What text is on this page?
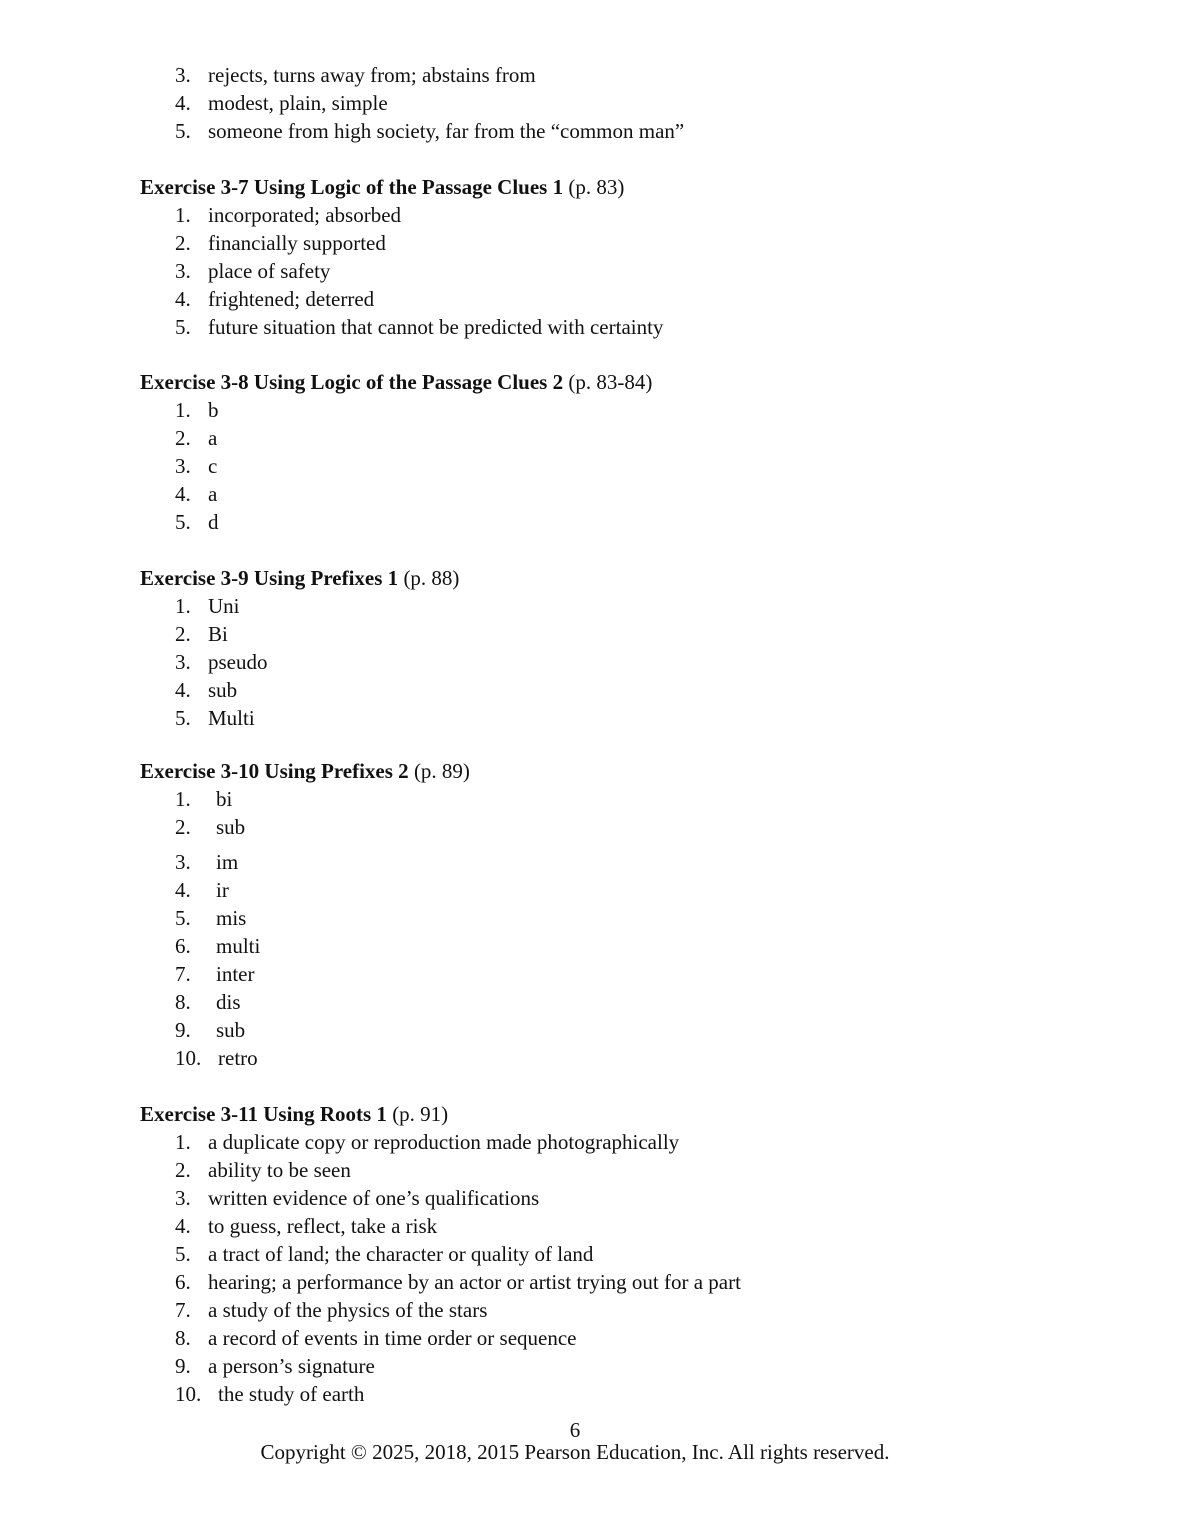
3. rejects, turns away from; abstains from
4. modest, plain, simple
5. someone from high society, far from the “common man”
Exercise 3-7 Using Logic of the Passage Clues 1 (p. 83)
1. incorporated; absorbed
2. financially supported
3. place of safety
4. frightened; deterred
5. future situation that cannot be predicted with certainty
Exercise 3-8 Using Logic of the Passage Clues 2 (p. 83-84)
1. b
2. a
3. c
4. a
5. d
Exercise 3-9 Using Prefixes 1 (p. 88)
1. Uni
2. Bi
3. pseudo
4. sub
5. Multi
Exercise 3-10 Using Prefixes 2 (p. 89)
1.	bi
2.	sub
3.	im
4.	ir
5.	mis
6.	multi
7.	inter
8.	dis
9.	sub
10. retro
Exercise 3-11 Using Roots 1 (p. 91)
1. a duplicate copy or reproduction made photographically
2. ability to be seen
3. written evidence of one’s qualifications
4. to guess, reflect, take a risk
5. a tract of land; the character or quality of land
6. hearing; a performance by an actor or artist trying out for a part
7. a study of the physics of the stars
8. a record of events in time order or sequence
9. a person’s signature
10. the study of earth
6
Copyright © 2025, 2018, 2015 Pearson Education, Inc. All rights reserved.
